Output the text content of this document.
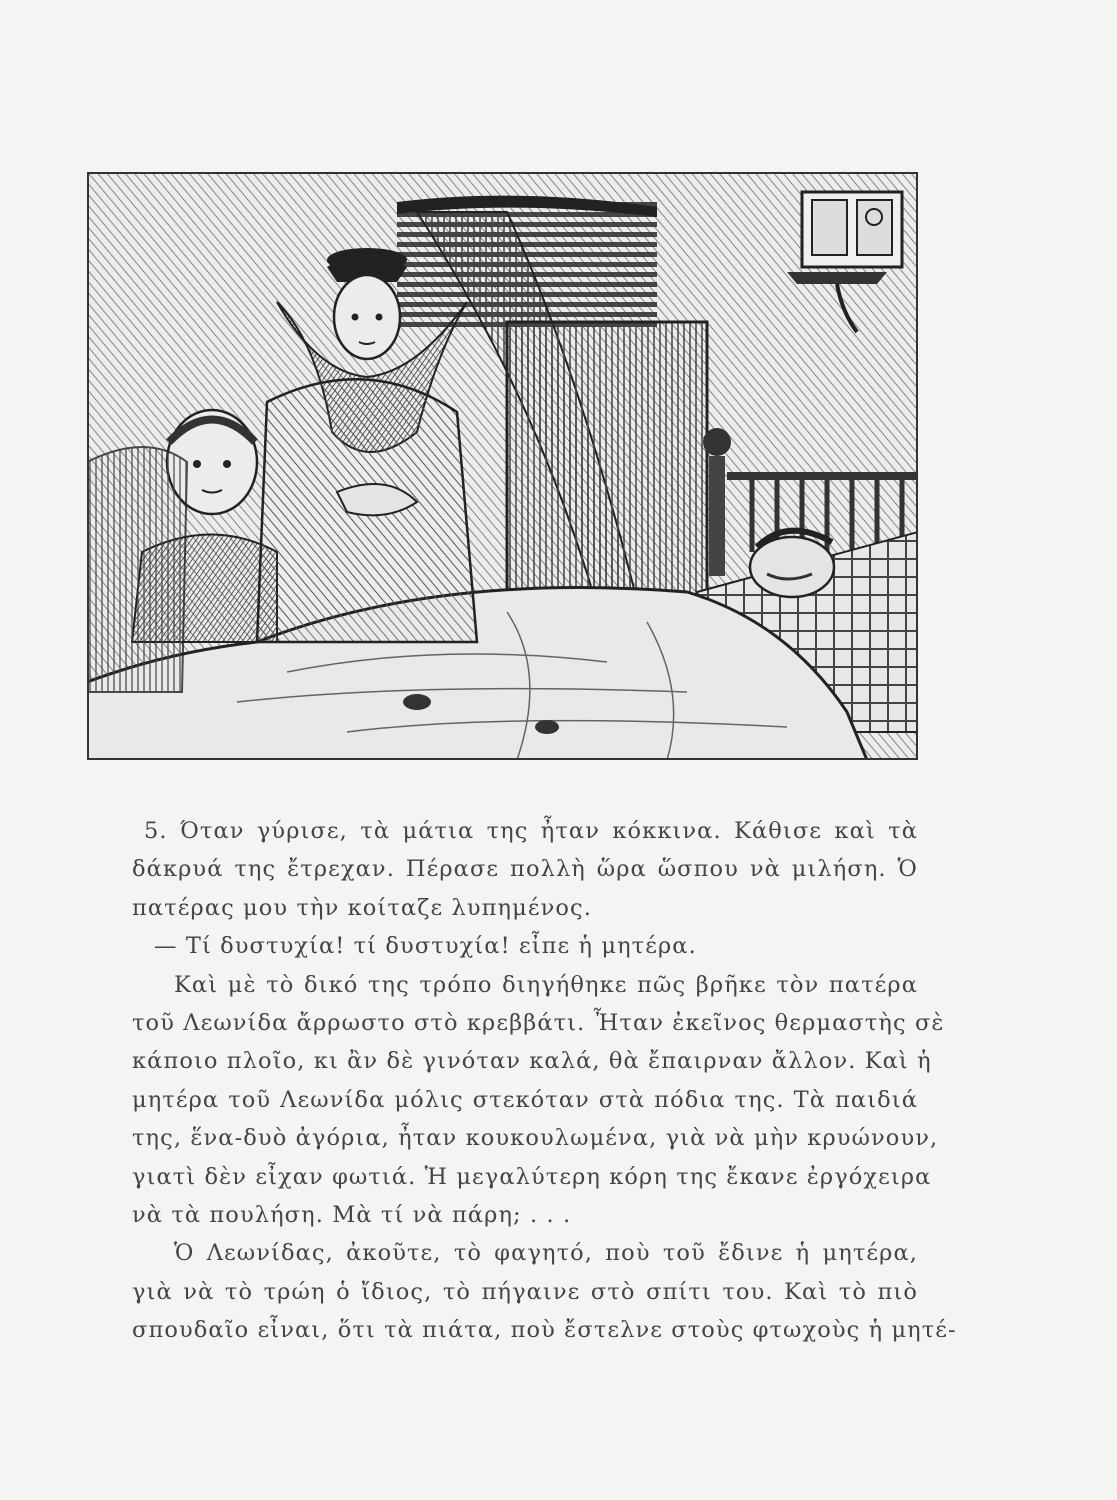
5. Όταν γύρισε, τὰ μάτια της ἦταν κόκκινα. Κάθισε καὶ τὰ
δάκρυά της ἔτρεχαν. Πέρασε πολλὴ ὥρα ὥσπου νὰ μιλήση. Ὁ
πατέρας μου τὴν κοίταζε λυπημένος.
— Τί δυστυχία! τί δυστυχία! εἶπε ἡ μητέρα.
Καὶ μὲ τὸ δικό της τρόπο διηγήθηκε πῶς βρῆκε τὸν πατέρα
τοῦ Λεωνίδα ἄρρωστο στὸ κρεββάτι. Ἦταν ἐκεῖνος θερμαστὴς σὲ
κάποιο πλοῖο, κι ἂν δὲ γινόταν καλά, θὰ ἔπαιρναν ἄλλον. Καὶ ἡ
μητέρα τοῦ Λεωνίδα μόλις στεκόταν στὰ πόδια της. Τὰ παιδιά
της, ἕνα-δυὸ ἀγόρια, ἦταν κουκουλωμένα, γιὰ νὰ μὴν κρυώνουν,
γιατὶ δὲν εἶχαν φωτιά. Ἡ μεγαλύτερη κόρη της ἔκανε ἐργόχειρα
νὰ τὰ πουλήση. Μὰ τί νὰ πάρη; . . .
Ὁ Λεωνίδας, ἀκοῦτε, τὸ φαγητό, ποὺ τοῦ ἔδινε ἡ μητέρα,
γιὰ νὰ τὸ τρώη ὁ ἴδιος, τὸ πήγαινε στὸ σπίτι του. Καὶ τὸ πιὸ
σπουδαῖο εἶναι, ὅτι τὰ πιάτα, ποὺ ἔστελνε στοὺς φτωχοὺς ἡ μητέ-
